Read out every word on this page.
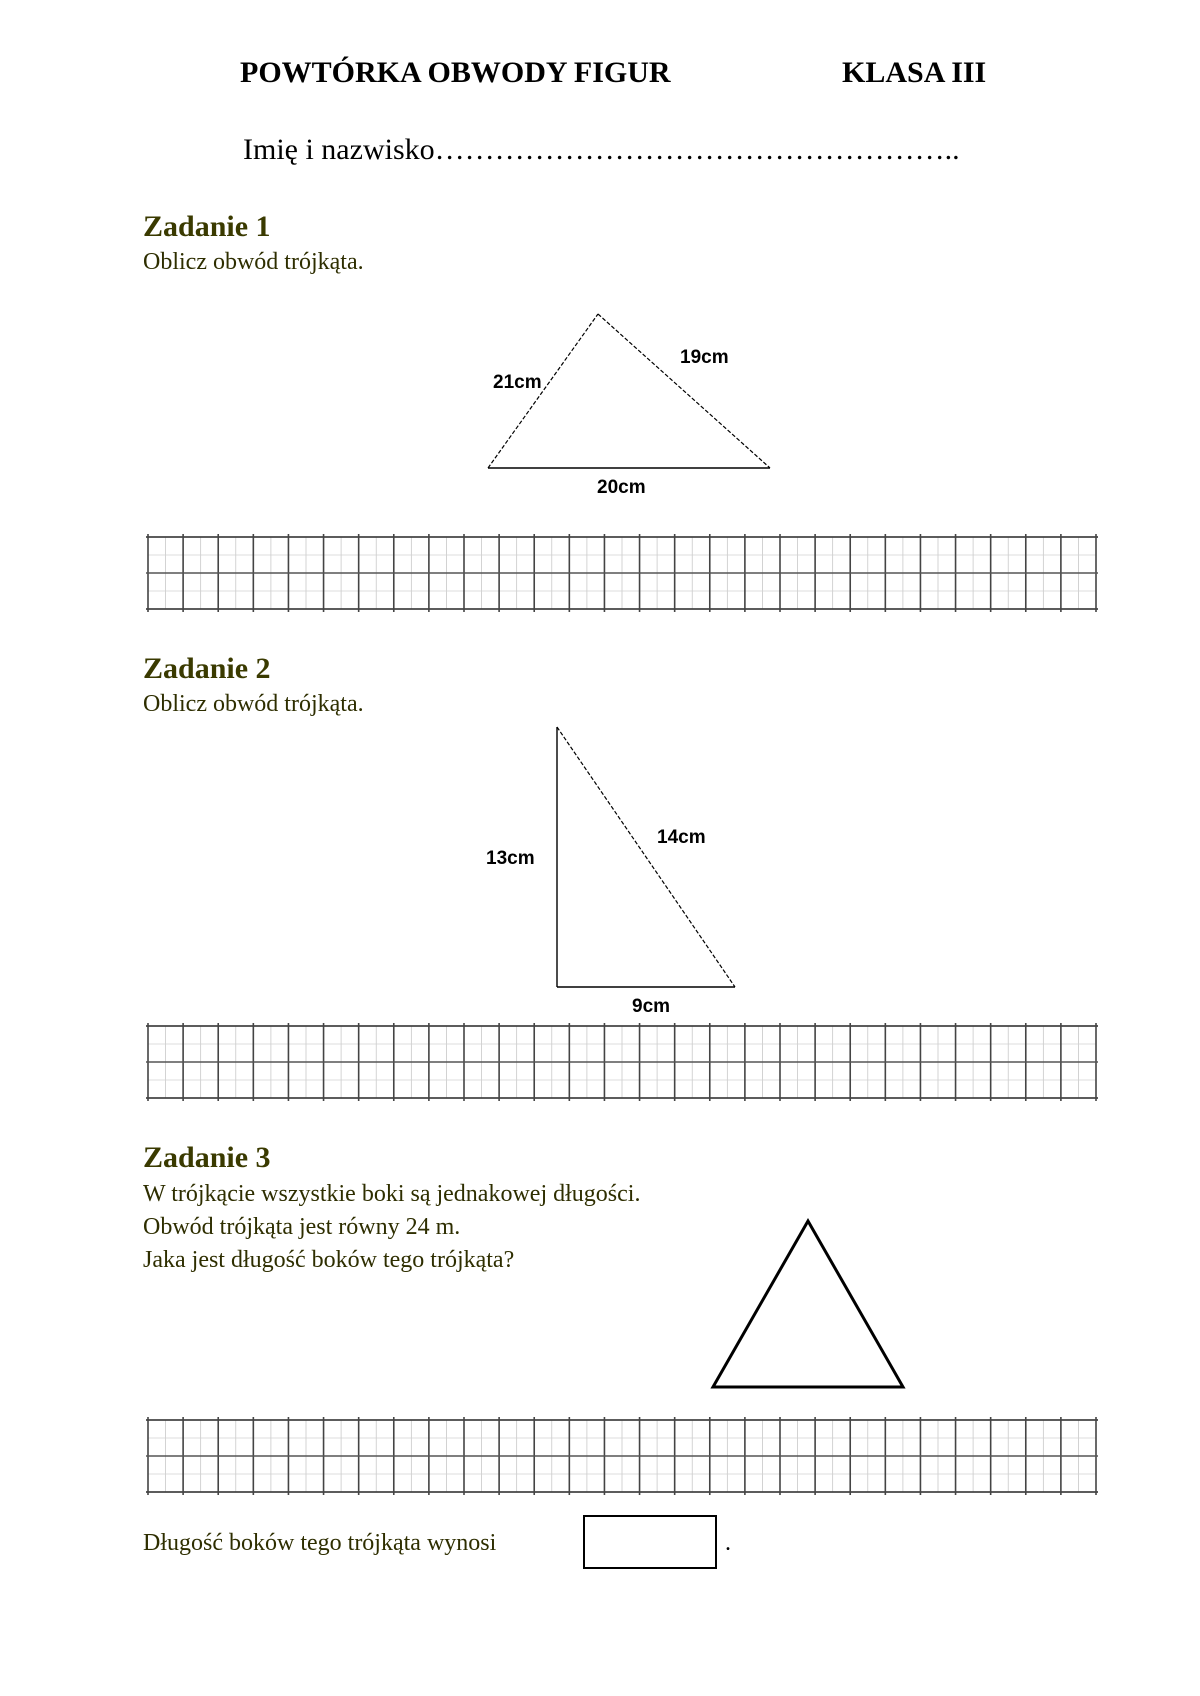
POWTÓRKA OBWODY FIGUR	KLASA III
Imię i nazwisko……………………………………………..
Zadanie 1
Oblicz obwód trójkąta.
21cm
19cm
20cm
Zadanie 2
Oblicz obwód trójkąta.
13cm
14cm
9cm
Zadanie 3
W trójkącie wszystkie boki są jednakowej długości.
Obwód trójkąta jest równy 24 m.
Jaka jest długość boków tego trójkąta?
Długość boków tego trójkąta wynosi	.
